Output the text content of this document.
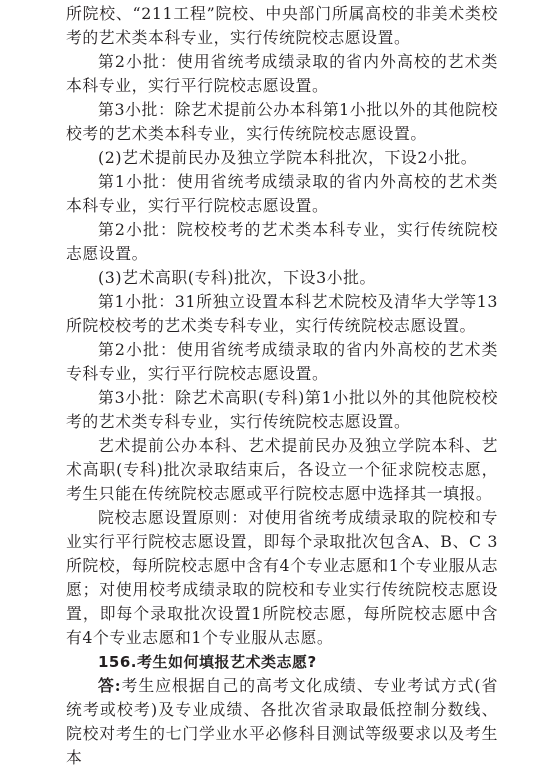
所院校、“211工程”院校、中央部门所属高校的非美术类校考的艺术类本科专业，实行传统院校志愿设置。

第2小批：使用省统考成绩录取的省内外高校的艺术类本科专业，实行平行院校志愿设置。

第3小批：除艺术提前公办本科第1小批以外的其他院校校考的艺术类本科专业，实行传统院校志愿设置。

(2)艺术提前民办及独立学院本科批次，下设2小批。

第1小批：使用省统考成绩录取的省内外高校的艺术类本科专业，实行平行院校志愿设置。

第2小批：院校校考的艺术类本科专业，实行传统院校志愿设置。

(3)艺术高职(专科)批次，下设3小批。

第1小批：31所独立设置本科艺术院校及清华大学等13所院校校考的艺术类专科专业，实行传统院校志愿设置。

第2小批：使用省统考成绩录取的省内外高校的艺术类专科专业，实行平行院校志愿设置。

第3小批：除艺术高职(专科)第1小批以外的其他院校校考的艺术类专科专业，实行传统院校志愿设置。

艺术提前公办本科、艺术提前民办及独立学院本科、艺术高职(专科)批次录取结束后，各设立一个征求院校志愿，考生只能在传统院校志愿或平行院校志愿中选择其一填报。

院校志愿设置原则：对使用省统考成绩录取的院校和专业实行平行院校志愿设置，即每个录取批次包含A、B、C 3所院校，每所院校志愿中含有4个专业志愿和1个专业服从志愿；对使用校考成绩录取的院校和专业实行传统院校志愿设置，即每个录取批次设置1所院校志愿，每所院校志愿中含有4个专业志愿和1个专业服从志愿。

156.考生如何填报艺术类志愿?

答:考生应根据自己的高考文化成绩、专业考试方式(省统考或校考)及专业成绩、各批次省录取最低控制分数线、院校对考生的七门学业水平必修科目测试等级要求以及考生本
